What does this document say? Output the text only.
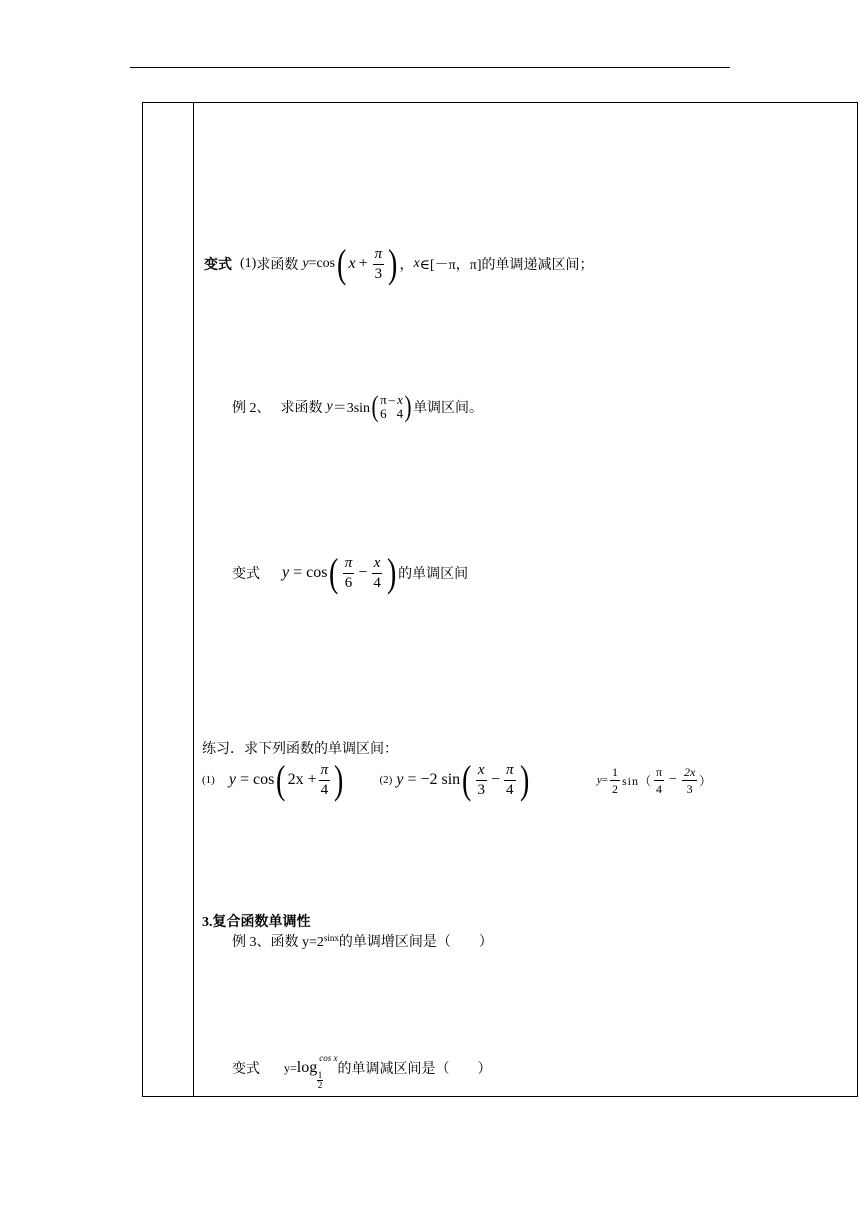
变式 (1) 求函数 y = cos ( $x + \frac{\pi}{3}$ ) ， x ∈[－π，π]的单调递减区间；
例 2、 求函数 y ＝3sin ( π – x
6 4 ) 单调区间。
变式 y = cos ( $\frac{\pi}{6} - \frac{x}{4}$ ) 的单调区间
练习．求下列函数的单调区间：
(1) y = cos ( $2x + \frac{\pi}{4}$ )	(2) y = −2 sin ( $\frac{x}{3} - \frac{\pi}{4}$ )	$y = \frac{1}{2} \sin( \frac{\pi}{4} - \frac{2x}{3}$ ）
3.复合函数单调性
例 3、函数 $y=2^{sinx}$ 的单调增区间是（　　）
变式 y= log
$\frac{1}{2}$
cos x
的单调减区间是（　　）
